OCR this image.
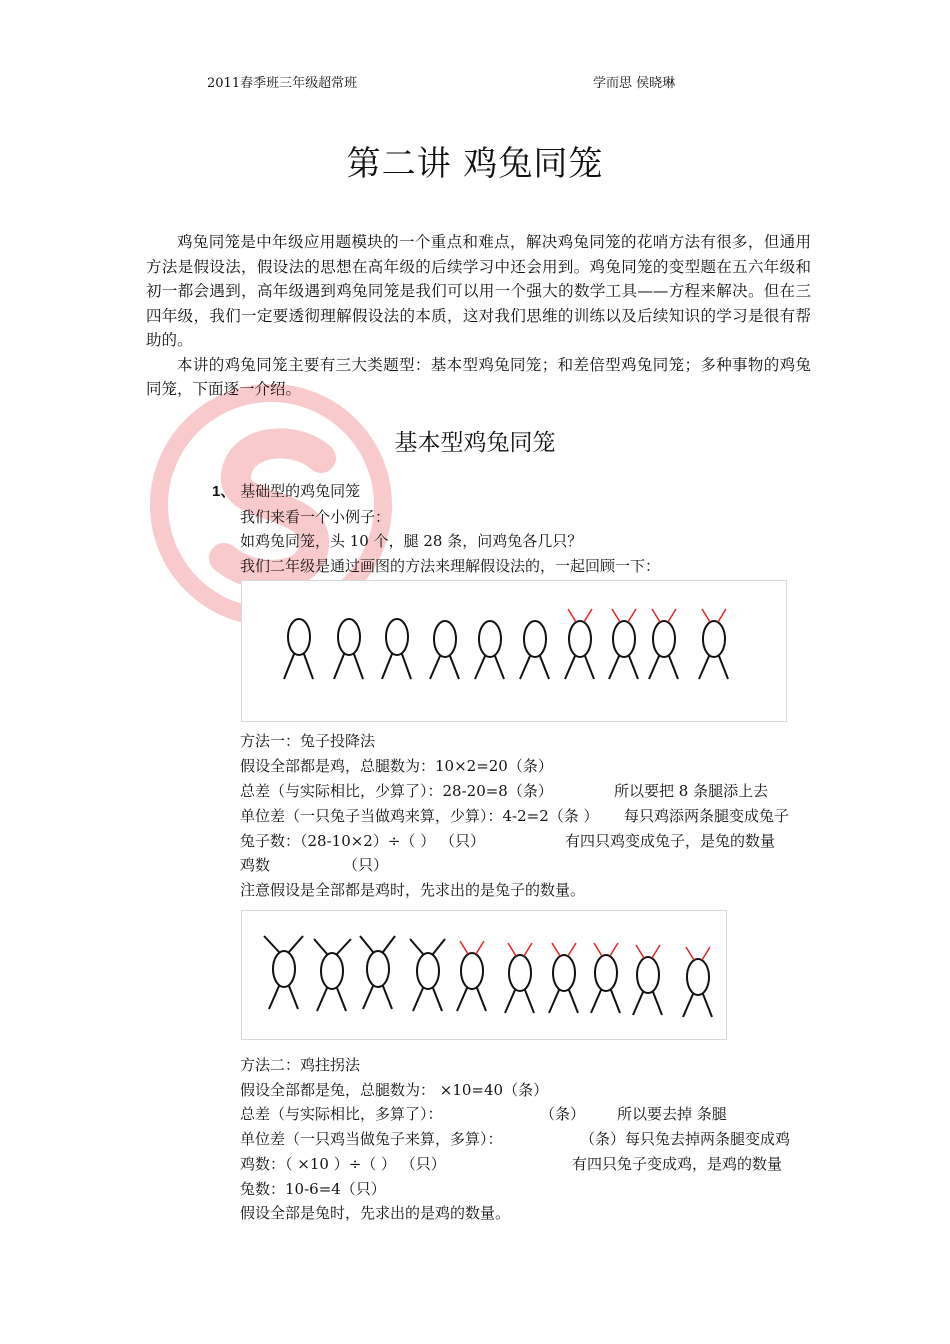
2011春季班三年级超常班	学而思 侯晓琳
第二讲 鸡兔同笼

鸡兔同笼是中年级应用题模块的一个重点和难点，解决鸡兔同笼的花哨方法有很多，但通用方法是假设法，假设法的思想在高年级的后续学习中还会用到。鸡兔同笼的变型题在五六年级和初一都会遇到，高年级遇到鸡兔同笼是我们可以用一个强大的数学工具——方程来解决。但在三四年级，我们一定要透彻理解假设法的本质，这对我们思维的训练以及后续知识的学习是很有帮助的。

本讲的鸡兔同笼主要有三大类题型：基本型鸡兔同笼；和差倍型鸡兔同笼；多种事物的鸡兔同笼，下面逐一介绍。

基本型鸡兔同笼
1、 基础型的鸡兔同笼
我们来看一个小例子：
如鸡兔同笼，头 10 个，腿 28 条，问鸡兔各几只？
我们二年级是通过画图的方法来理解假设法的，一起回顾一下：
方法一：兔子投降法
假设全部都是鸡，总腿数为：10×2=20（条）
总差（与实际相比，少算了）：28-20=8（条）	所以要把 8 条腿添上去
单位差（一只兔子当做鸡来算，少算）：4-2=2（条 ） 每只鸡添两条腿变成兔子
兔子数：（28-10×2）÷（ ） （只）	有四只鸡变成兔子，是兔的数量
鸡数	（只）
注意假设是全部都是鸡时，先求出的是兔子的数量。
方法二：鸡拄拐法
假设全部都是兔，总腿数为： ×10=40（条）
总差（与实际相比，多算了）：	（条） 所以要去掉 条腿
单位差（一只鸡当做兔子来算，多算）：	（条）每只兔去掉两条腿变成鸡
鸡数：（ ×10 ）÷（ ） （只）	有四只兔子变成鸡，是鸡的数量
兔数：10-6=4（只）
假设全部是兔时，先求出的是鸡的数量。
